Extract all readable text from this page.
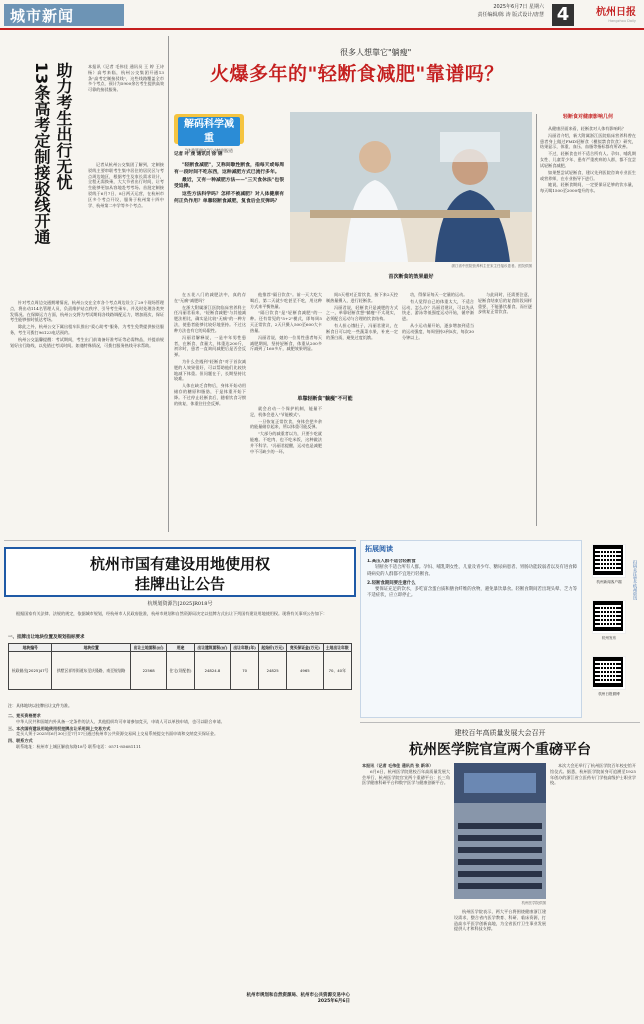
城市新闻	2025年6月7日 星期六
责任编辑/陈 涛 版式设计/唐慧 4	杭州日报
Hangzhou Daily
助力考生出行无忧
13条高考定制接驳线开通	本报讯（记者 毛伟佳 通讯员 王 婷 王诗杨）高考来临，杭州公交集团开通13条"高考定制接驳线"，这些线路覆盖全市多个考点，预计为5900余名考生提供高效可靠的接驳服务。

记者从杭州公交集团了解到，定制接驳线主要串联考生集中居住的居民区与考点周边地区，根据考生及家长需求设计，全程无需换乘，大大节省出行时间，让考生能够更加从容地赴考考场。首批定制接驳线于6月7日、8日两天运营，在杭州市区多个考点开设，服务于杭州第十四中学、杭州第二中学等多个考点。

针对考点周边交通拥堵情况，杭州公交在全市各个考点周边设立了29个现场管理点，将出动114名管理人员，负责维护站点秩序、引导考生乘车，并及时处理各类突发情况。在保障运力方面，杭州公交将为考试期间各线路调配运力，增加班次，保证考生能够按时抵达考场。

除此之外，杭州公交下属出租车队推出"爱心助考"服务，为考生免费提供接送服务，考生可拨打96123电话预约。

杭州公交温馨提醒：考试期间，考生出门前请备好准考证等必需物品，并提前规划好出行路线，以免错过考试时间。如遇特殊情况，可拨打服务热线寻求帮助。

很多人想靠它"躺瘦"
火爆多年的"轻断食减肥"靠谱吗？
解码科学减重
"体重管理年"行动特别报道
记者 叶 虔 通讯员 徐 锦

"轻断食减肥"，又称间歇性断食，指每天或每周有一段时间不吃东西，这种减肥方式已流行多年。

最近，又有一种减肥方法——"三天食休法"也很受追捧。

这些方法科学吗？怎样不被减肥？对人体健康有何正负作用？单靠轻断食减肥，复食后会反弹吗？

浙江省中医院营养科主任宋主任接诊患者。医院供图
首次断食的效果最好

在五花八门的减肥法中，真的存在"无痛"减肥吗？

在浙大附属浙江医院临床营养科主任冯丽君看来，"轻断食减肥"与其他减肥法相比，确实是比较"无痛"的一种方法，使患者能够比较好地坚持。不过这种方法也有它的局限性。

冯丽君解释说，一是中年男性患者，在断食、食量大，体重达200斤，初诊时，患者一直询问减肥后是否会反弹。

为什么会遇到"轻断食"对于首次减肥的人效果很好，可以帮助他们比较快地减下体重。但问题在于，长期坚持比较难。

人体在缺乏食物后，身体开始动用储存的糖原和脂肪，于是体重开始下降。不过停止轻断食后，随着饮食习惯的恢复，体重往往会反弹。

他推荐"隔日饮食"。前一天大吃大喝后，第二天就少吃甚至不吃，用这种方式来平衡热量。

"隔日饮食"是"轻断食减肥"的一种。还有常见的"5+2"模式，即每周5天正常饮食，2天只摄入500至600大卡热量。

冯丽君说，她的一位男性患者每天减肥期间，坚持轻断食，体重从200多斤减到了160多斤，减肥效果明显。

单靠轻断食"躺瘦"不可能

就会启动一个保护机制，能量不足，机体会进入"节能模式"。

一旦恢复正常饮食，身体会把多余的能量储存起来，所以体重可能反弹。

"大部分的减重者以为，只要少吃就能瘦。不吃肉、也不吃米饭，这种做法并不科学。"冯丽君提醒，运动也是减肥中不可缺少的一环。

间5天相对正常饮食，接下来2天控制热量摄入，进行轻断食。

冯丽君说，轻断食只是减肥的方式之一，单靠轻断食想"躺瘦"不太现实，必须配合运动与合理的饮食结构。

有人担心饿肚子，冯丽君建议，在断食日可以吃一些蔬菜水果，补充一定的蛋白质，避免过度饥饿。

功，得保证每天一定量的运动。

有人觉得自己的体重太大，不适合运动，怎么办？冯丽君建议，可以先从快走、游泳等低强度运动开始，循序渐进。

从小运动量开始，逐步增加到适当的运动强度，每周坚持3到5次，每次30分钟以上。

与此同时，还需要注意，轻断食结束后的复食阶段同样重要，不能暴饮暴食，而应逐步恢复正常饮食。

轻断食对健康影响几何

从健康层面来看，轻断食对人体有影响吗？

冯丽君介绍，新大附属浙江医院临床营养科曾在患者身上做过FMD轻断食（模拟禁食饮食）研究，结果显示，体重、血压、血脂等指标都有所改善。

不过，轻断食也并不适合所有人。孕妇、哺乳期女性、儿童青少年、患有严重疾病的人群，都不宜尝试轻断食减肥。

如果想尝试轻断食，建议先到医院咨询专业医生或营养师，在专业指导下进行。

她说，轻断食期间，一定要保证足够的饮水量，每天喝1500至2000毫升的水。

杭州市国有建设用地使用权
挂牌出让公告
杭规划资源告[2025]R018号

根据国家有关法律、法规的规定，依据城市规划，经杭州市人民政府批准，杭州市规划和自然资源局决定以挂牌方式出让下列国有建设用地使用权。现将有关事项公告如下：

一、挂牌出让地块位置及规划指标要求
地块编号	地块位置	出让土地面积(㎡)	用途	出让建筑面积(㎡)	出让年限(年)	起始价(万元)	竞买保证金(万元)	土地出让年限
杭政储出[2025]47号	拱墅区祥符街道东至庆隆路，南至规划路	22568	住宅(设配套)	24824.8	70	24825	4965	70、40年
注：具体地块以挂牌出让文件为准。
二、竞买资格要求

中华人民共和国境内外具备一定条件的法人、其他组织均可申请参加竞买，申请人可以单独申请，也可以联合申请。

三、本次国有建设用地使用权挂牌出让采用网上交易方式

竞买人须于2025年6月30日至7月17日通过杭州市公共资源交易网上交易系统提交书面申请和交纳竞买保证金。

四、联系方式

联系地址：杭州市上城区解放东路18号 联系电话：0571-85681111

杭州市规划和自然资源局、杭州市公共资源交易中心
2025年6月6日
拓展阅读
1.高压人群不适合轻断食

轻断食不适合所有人群。孕妇、哺乳期女性、儿童及青少年、糖尿病患者、胃肠功能较弱者以及有进食障碍病史的人群都不宜进行轻断食。

2.轻断食期间要注意什么

要保证充足的饮水，多吃富含蛋白质和膳食纤维的食物，避免暴饮暴食。轻断食期间若出现头晕、乏力等不适症状，应立即停止。

杭州新闻客户端
杭州发布
杭州日报微博
扫码关注更多杭州资讯
建校百年高质量发展大会召开
杭州医学院官宣两个重磅平台
本报讯（记者 毛伟佳 通讯员 张 新华）

6月6日，杭州医学院建校百年高质量发展大会举行，杭州医学院官宣两个重磅平台：长三角医学健康科研平台和数字医学与健康创新平台。

杭州医学院供图

杭州医学院表示，两大平台将围绕健康浙江建设需求，整合省内医学教育、科研、临床资源，打造高水平医学创新高地，为全省医疗卫生事业发展提供人才和科技支撑。

本次大会还举行了杭州医学院百年校史馆开馆仪式。据悉，杭州医学院前身可追溯至1925年创办的浙江省立医药专门学校高级护士职业学校。
